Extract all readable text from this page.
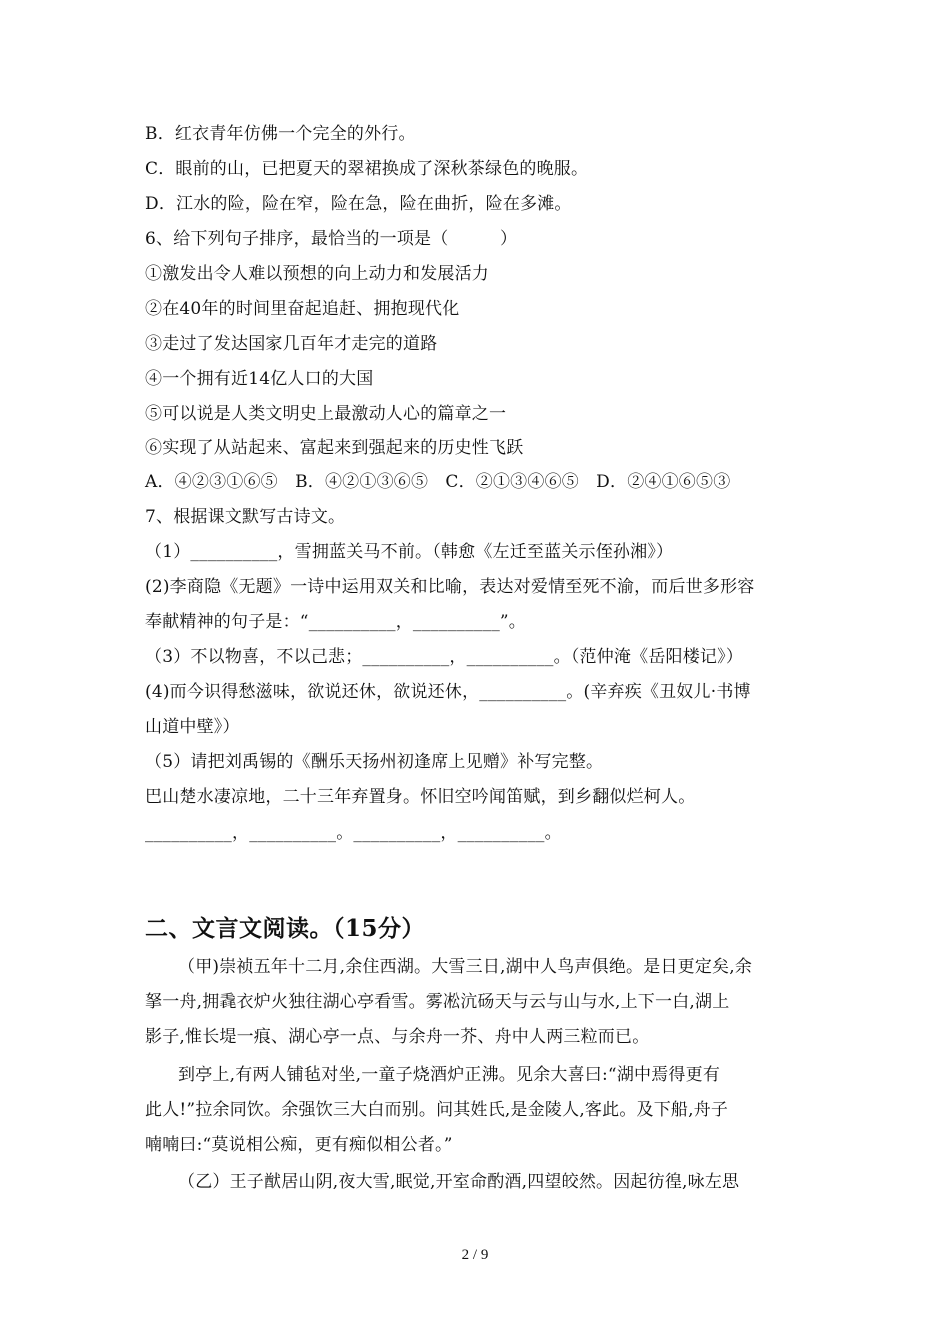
B．红衣青年仿佛一个完全的外行。
C．眼前的山，已把夏天的翠裙换成了深秋茶绿色的晚服。
D．江水的险，险在窄，险在急，险在曲折，险在多滩。
6、给下列句子排序，最恰当的一项是（　　　）
①激发出令人难以预想的向上动力和发展活力
②在40年的时间里奋起追赶、拥抱现代化
③走过了发达国家几百年才走完的道路
④一个拥有近14亿人口的大国
⑤可以说是人类文明史上最激动人心的篇章之一
⑥实现了从站起来、富起来到强起来的历史性飞跃
A．④②③①⑥⑤　B．④②①③⑥⑤　C．②①③④⑥⑤　D．②④①⑥⑤③
7、根据课文默写古诗文。
（1）__________，雪拥蓝关马不前。（韩愈《左迁至蓝关示侄孙湘》）
(2)李商隐《无题》一诗中运用双关和比喻，表达对爱情至死不渝，而后世多形容
奉献精神的句子是：“__________，__________”。
（3）不以物喜，不以己悲；__________，__________。（范仲淹《岳阳楼记》）
(4)而今识得愁滋味，欲说还休，欲说还休，__________。(辛弃疾《丑奴儿·书博
山道中壁》）
（5）请把刘禹锡的《酬乐天扬州初逢席上见赠》补写完整。
巴山楚水凄凉地，二十三年弃置身。怀旧空吟闻笛赋，到乡翻似烂柯人。
__________，__________。__________，__________。
二、文言文阅读。（15分）
（甲)崇祯五年十二月,余住西湖。大雪三日,湖中人鸟声俱绝。是日更定矣,余
拏一舟,拥毳衣炉火独往湖心亭看雪。雾凇沆砀天与云与山与水,上下一白,湖上
影子,惟长堤一痕、湖心亭一点、与余舟一芥、舟中人两三粒而已。
到亭上,有两人铺毡对坐,一童子烧酒炉正沸。见余大喜曰:“湖中焉得更有
此人!”拉余同饮。余强饮三大白而别。问其姓氏,是金陵人,客此。及下船,舟子
喃喃曰:“莫说相公痴，更有痴似相公者。”
（乙）王子猷居山阴,夜大雪,眠觉,开室命酌酒,四望皎然。因起彷徨,咏左思
2 / 9
